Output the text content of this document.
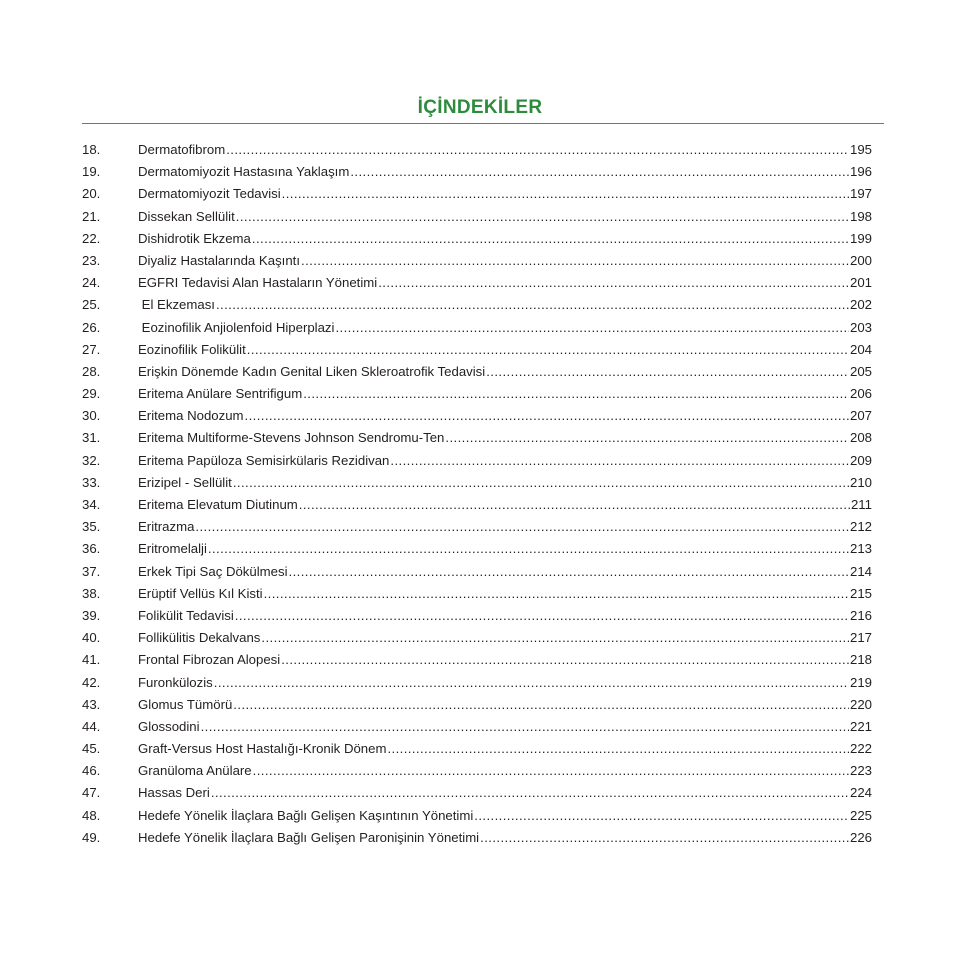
İÇİNDEKİLER
18.	Dermatofibrom .....	195
19.	Dermatomiyozit Hastasına Yaklaşım .....	196
20.	Dermatomiyozit Tedavisi .....	197
21.	Dissekan Sellülit .....	198
22.	Dishidrotik Ekzema .....	199
23.	Diyaliz Hastalarında Kaşıntı .....	200
24.	EGFRI Tedavisi Alan Hastaların Yönetimi .....	201
25.	El Ekzeması .....	202
26.	Eozinofilik Anjiolenfoid Hiperplazi .....	203
27.	Eozinofilik Folikülit .....	204
28.	Erişkin Dönemde Kadın Genital Liken Skleroatrofik Tedavisi .....	205
29.	Eritema Anülare Sentrifigum .....	206
30.	Eritema Nodozum .....	207
31.	Eritema Multiforme-Stevens Johnson Sendromu-Ten .....	208
32.	Eritema Papüloza Semisirkülaris Rezidivan .....	209
33.	Erizipel - Sellülit .....	210
34.	Eritema Elevatum Diutinum .....	211
35.	Eritrazma .....	212
36.	Eritromelalji .....	213
37.	Erkek Tipi Saç Dökülmesi .....	214
38.	Erüptif Vellüs Kıl Kisti .....	215
39.	Folikülit Tedavisi .....	216
40.	Follikülitis Dekalvans .....	217
41.	Frontal Fibrozan Alopesi .....	218
42.	Furonkülozis .....	219
43.	Glomus Tümörü .....	220
44.	Glossodini .....	221
45.	Graft-Versus Host Hastalığı-Kronik Dönem .....	222
46.	Granüloma Anülare .....	223
47.	Hassas Deri .....	224
48.	Hedefe Yönelik İlaçlara Bağlı Gelişen Kaşıntının Yönetimi .....	225
49.	Hedefe Yönelik İlaçlara Bağlı Gelişen Paronişinin Yönetimi .....	226
